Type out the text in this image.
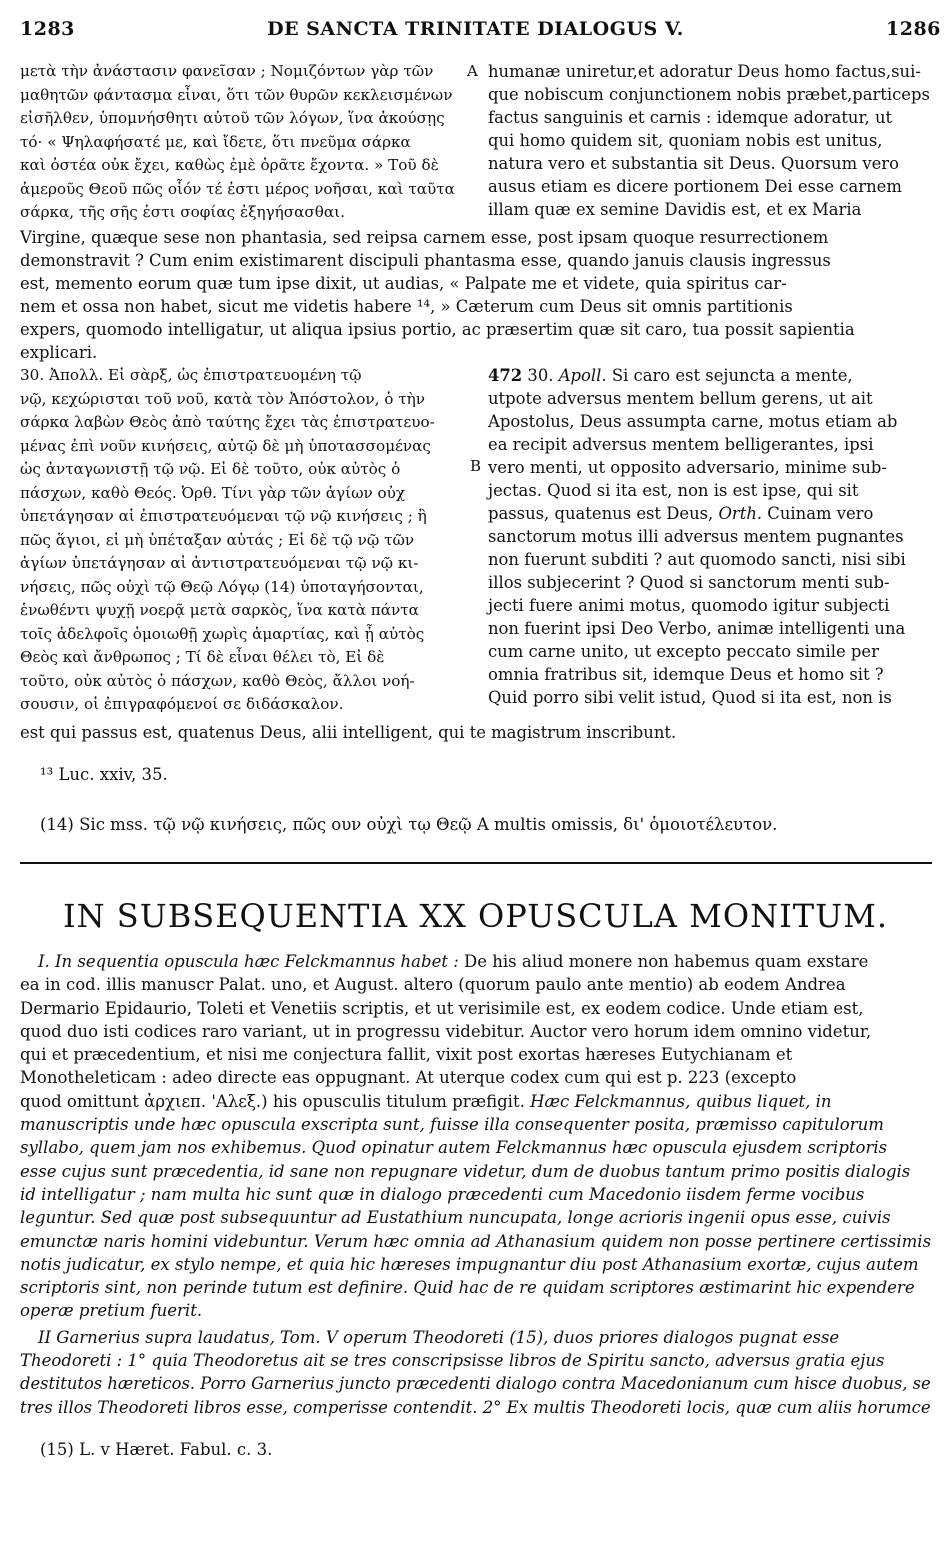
1283	DE SANCTA TRINITATE DIALOGUS V.	1286
μετὰ τὴν ἀνάστασιν φανεῖσαν ; Νομιζόντων γὰρ τῶν
μαθητῶν φάντασμα εἶναι, ὅτι τῶν θυρῶν κεκλεισμένων
εἰσῆλθεν, ὑπομνήσθητι αὐτοῦ τῶν λόγων, ἵνα ἀκούσῃς
τό· « Ψηλαφήσατέ με, καὶ ἴδετε, ὅτι πνεῦμα σάρκα
καὶ ὀστέα οὐκ ἔχει, καθὼς ἐμὲ ὁρᾶτε ἔχοντα. » Τοῦ δὲ
ἀμεροῦς Θεοῦ πῶς οἷόν τέ ἐστι μέρος νοῆσαι, καὶ ταῦτα
σάρκα, τῆς σῆς ἐστι σοφίας ἐξηγήσασθαι.
A humanæ uniretur,et adoratur Deus homo factus,sui-
que nobiscum conjunctionem nobis præbet,particeps
factus sanguinis et carnis : idemque adoratur, ut
qui homo quidem sit, quoniam nobis est unitus,
natura vero et substantia sit Deus. Quorsum vero
ausus etiam es dicere portionem Dei esse carnem
illam quæ ex semine Davidis est, et ex Maria
Virgine, quæque sese non phantasia, sed reipsa carnem esse, post ipsam quoque resurrectionem
demonstravit ? Cum enim existimarent discipuli phantasma esse, quando januis clausis ingressus
est, memento eorum quæ tum ipse dixit, ut audias, « Palpate me et videte, quia spiritus car-
nem et ossa non habet, sicut me videtis habere ¹⁴, » Cæterum cum Deus sit omnis partitionis
expers, quomodo intelligatur, ut aliqua ipsius portio, ac præsertim quæ sit caro, tua possit sapientia
explicari.
30. Ἀπολλ. Εἰ σὰρξ, ὡς ἐπιστρατευομένη τῷ
νῷ, κεχώρισται τοῦ νοῦ, κατὰ τὸν Ἀπόστολον, ὁ τὴν
σάρκα λαβὼν Θεὸς ἀπὸ ταύτης ἔχει τὰς ἐπιστρατευο-
μένας ἐπὶ νοῦν κινήσεις, αὐτῷ δὲ μὴ ὑποτασσομένας
ὡς ἀνταγωνιστῇ τῷ νῷ. Εἰ δὲ τοῦτο, οὐκ αὐτὸς ὁ
πάσχων, καθὸ Θεός. Ὀρθ. Τίνι γὰρ τῶν ἁγίων οὐχ
ὑπετάγησαν αἱ ἐπιστρατευόμεναι τῷ νῷ κινήσεις ; ἢ
πῶς ἅγιοι, εἰ μὴ ὑπέταξαν αὐτάς ; Εἰ δὲ τῷ νῷ τῶν
ἁγίων ὑπετάγησαν αἱ ἀντιστρατευόμεναι τῷ νῷ κι-
νήσεις, πῶς οὐχὶ τῷ Θεῷ Λόγῳ (14) ὑποταγήσονται,
ἑνωθέντι ψυχῇ νοερᾷ μετὰ σαρκὸς, ἵνα κατὰ πάντα
τοῖς ἀδελφοῖς ὁμοιωθῇ χωρὶς ἁμαρτίας, καὶ ᾖ αὐτὸς
Θεὸς καὶ ἄνθρωπος ; Τί δὲ εἶναι θέλει τὸ, Εἰ δὲ
τοῦτο, οὐκ αὐτὸς ὁ πάσχων, καθὸ Θεὸς, ἄλλοι νοή-
σουσιν, οἱ ἐπιγραφόμενοί σε διδάσκαλον.
B
472 30. Apoll. Si caro est sejuncta a mente,
utpote adversus mentem bellum gerens, ut ait
Apostolus, Deus assumpta carne, motus etiam ab
ea recipit adversus mentem belligerantes, ipsi
vero menti, ut opposito adversario, minime sub-
jectas. Quod si ita est, non is est ipse, qui sit
passus, quatenus est Deus, Orth. Cuinam vero
sanctorum motus illi adversus mentem pugnantes
non fuerunt subditi ? aut quomodo sancti, nisi sibi
illos subjecerint ? Quod si sanctorum menti sub-
jecti fuere animi motus, quomodo igitur subjecti
non fuerint ipsi Deo Verbo, animæ intelligenti una
cum carne unito, ut excepto peccato simile per
omnia fratribus sit, idemque Deus et homo sit ?
Quid porro sibi velit istud, Quod si ita est, non is
est qui passus est, quatenus Deus, alii intelligent, qui te magistrum inscribunt.
¹³ Luc. xxiv, 35.
(14) Sic mss. τῷ νῷ κινήσεις, πῶς ουν οὐχὶ τῳ Θεῷ A multis omissis, δι' ὁμοιοτέλευτον.
IN SUBSEQUENTIA XX OPUSCULA MONITUM.
I. In sequentia opuscula hæc Felckmannus habet : De his aliud monere non habemus quam exstare
ea in cod. illis manuscr Palat. uno, et August. altero (quorum paulo ante mentio) ab eodem Andrea
Dermario Epidaurio, Toleti et Venetiis scriptis, et ut verisimile est, ex eodem codice. Unde etiam est,
quod duo isti codices raro variant, ut in progressu videbitur. Auctor vero horum idem omnino videtur,
qui et præcedentium, et nisi me conjectura fallit, vixit post exortas hæreses Eutychianam et
Monotheleticam : adeo directe eas oppugnant. At uterque codex cum qui est p. 223 (excepto
quod omittunt ἀρχιεπ. 'Αλεξ.) his opusculis titulum præfigit. Hæc Felckmannus, quibus liquet, in
manuscriptis unde hæc opuscula exscripta sunt, fuisse illa consequenter posita, præmisso capitulorum
syllabo, quem jam nos exhibemus. Quod opinatur autem Felckmannus hæc opuscula ejusdem scriptoris
esse cujus sunt præcedentia, id sane non repugnare videtur, dum de duobus tantum primo positis dialogis
id intelligatur ; nam multa hic sunt quæ in dialogo præcedenti cum Macedonio iisdem ferme vocibus
leguntur. Sed quæ post subsequuntur ad Eustathium nuncupata, longe acrioris ingenii opus esse, cuivis
emunctæ naris homini videbuntur. Verum hæc omnia ad Athanasium quidem non posse pertinere certissimis
notis judicatur, ex stylo nempe, et quia hic hæreses impugnantur diu post Athanasium exortæ, cujus autem
scriptoris sint, non perinde tutum est definire. Quid hac de re quidam scriptores æstimarint hic expendere
operæ pretium fuerit.
II Garnerius supra laudatus, Tom. V operum Theodoreti (15), duos priores dialogos pugnat esse
Theodoreti : 1° quia Theodoretus ait se tres conscripsisse libros de Spiritu sancto, adversus gratia ejus
destitutos hæreticos. Porro Garnerius juncto præcedenti dialogo contra Macedonianum cum hisce duobus, se
tres illos Theodoreti libros esse, comperisse contendit. 2° Ex multis Theodoreti locis, quæ cum aliis horumce
(15) L. v Hæret. Fabul. c. 3.
